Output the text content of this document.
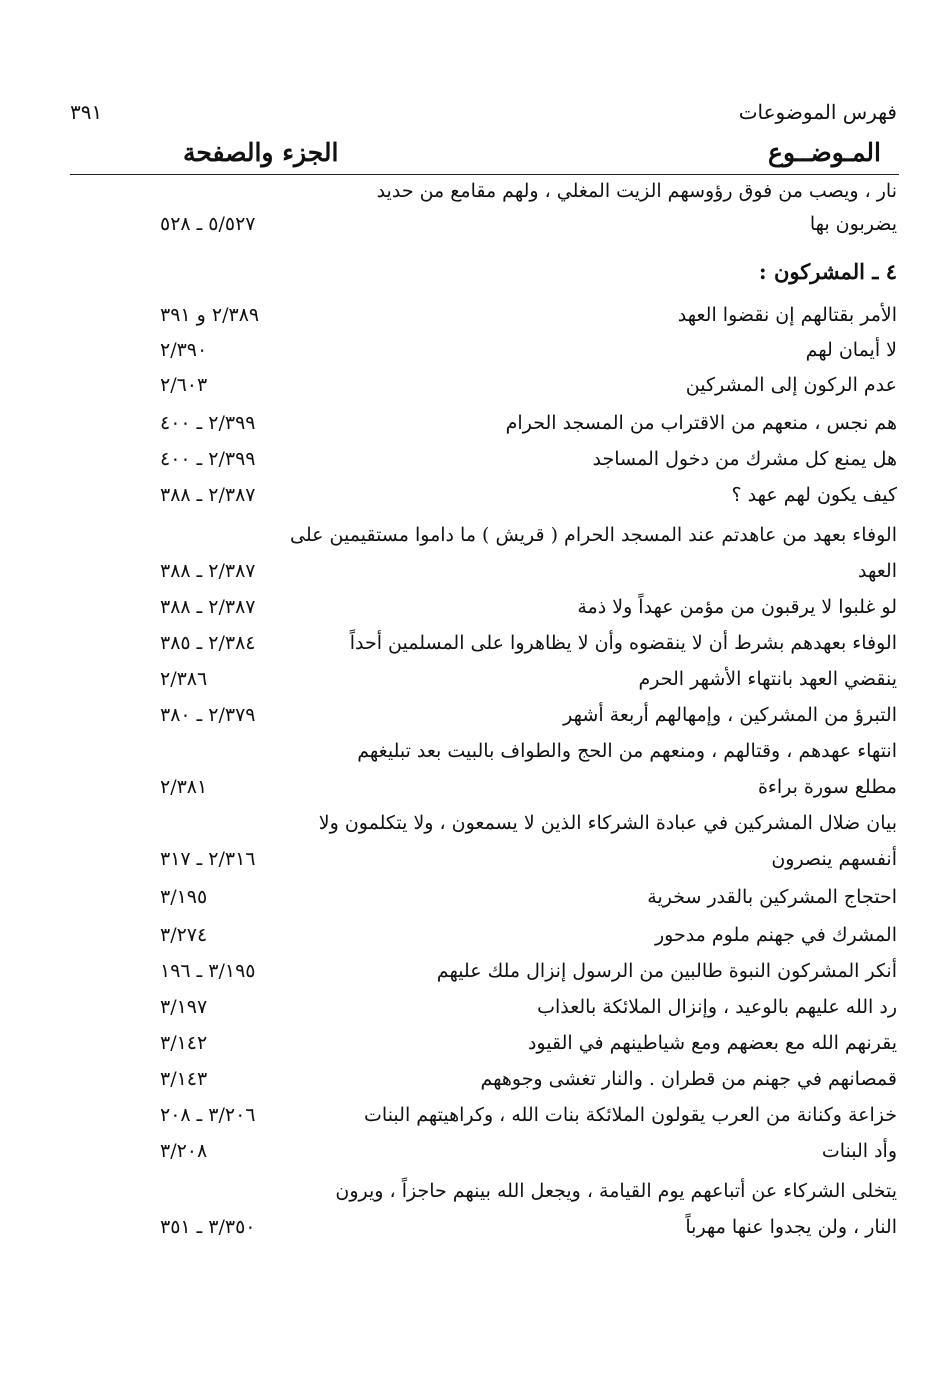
فهرس الموضوعات
٣٩١
المـوضــوع
الجزء والصفحة
نار ، ويصب من فوق رؤوسهم الزيت المغلي ، ولهم مقامع من حديد
يضربون بها
٥/٥٢٧ ـ ٥٢٨
٤ ـ المشركون :
الأمر بقتالهم إن نقضوا العهد
٢/٣٨٩ و ٣٩١
لا أيمان لهم
٢/٣٩٠
عدم الركون إلى المشركين
٢/٦٠٣
هم نجس ، منعهم من الاقتراب من المسجد الحرام
٢/٣٩٩ ـ ٤٠٠
هل يمنع كل مشرك من دخول المساجد
٢/٣٩٩ ـ ٤٠٠
كيف يكون لهم عهد ؟
٢/٣٨٧ ـ ٣٨٨
الوفاء بعهد من عاهدتم عند المسجد الحرام ( قريش ) ما داموا مستقيمين على
العهد
٢/٣٨٧ ـ ٣٨٨
لو غلبوا لا يرقبون من مؤمن عهداً ولا ذمة
٢/٣٨٧ ـ ٣٨٨
الوفاء بعهدهم بشرط أن لا ينقضوه وأن لا يظاهروا على المسلمين أحداً
٢/٣٨٤ ـ ٣٨٥
ينقضي العهد بانتهاء الأشهر الحرم
٢/٣٨٦
التبرؤ من المشركين ، وإمهالهم أربعة أشهر
٢/٣٧٩ ـ ٣٨٠
انتهاء عهدهم ، وقتالهم ، ومنعهم من الحج والطواف بالبيت بعد تبليغهم
مطلع سورة براءة
٢/٣٨١
بيان ضلال المشركين في عبادة الشركاء الذين لا يسمعون ، ولا يتكلمون ولا
أنفسهم ينصرون
٢/٣١٦ ـ ٣١٧
احتجاج المشركين بالقدر سخرية
٣/١٩٥
المشرك في جهنم ملوم مدحور
٣/٢٧٤
أنكر المشركون النبوة طالبين من الرسول إنزال ملك عليهم
٣/١٩٥ ـ ١٩٦
رد الله عليهم بالوعيد ، وإنزال الملائكة بالعذاب
٣/١٩٧
يقرنهم الله مع بعضهم ومع شياطينهم في القيود
٣/١٤٢
قمصانهم في جهنم من قطران . والنار تغشى وجوههم
٣/١٤٣
خزاعة وكنانة من العرب يقولون الملائكة بنات الله ، وكراهيتهم البنات
٣/٢٠٦ ـ ٢٠٨
وأد البنات
٣/٢٠٨
يتخلى الشركاء عن أتباعهم يوم القيامة ، ويجعل الله بينهم حاجزاً ، ويرون
النار ، ولن يجدوا عنها مهرباً
٣/٣٥٠ ـ ٣٥١
